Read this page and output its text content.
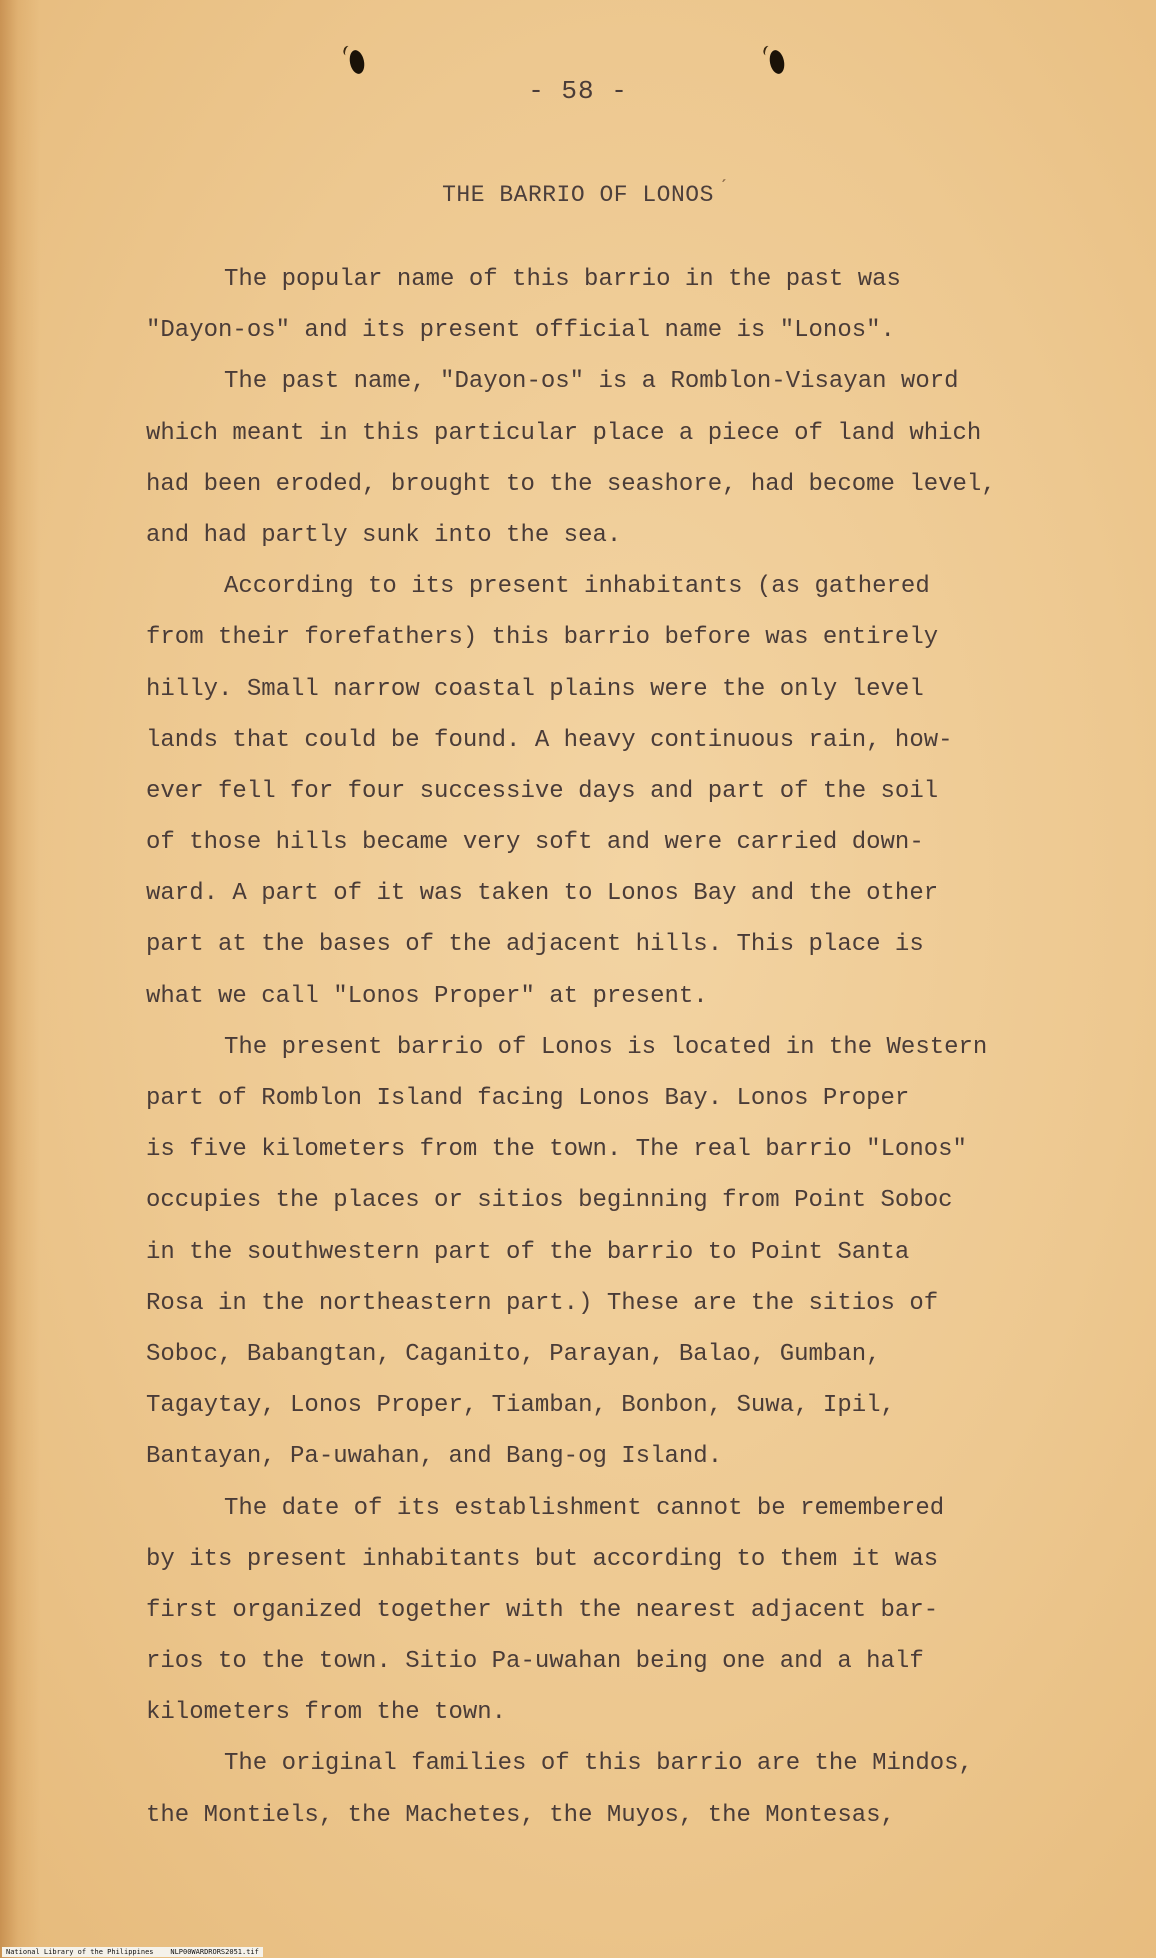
- 58 -
THE BARRIO OF LONOS
The popular name of this barrio in the past was
"Dayon-os" and its present official name is "Lonos".
The past name, "Dayon-os" is a Romblon-Visayan word
which meant in this particular place a piece of land which
had been eroded, brought to the seashore, had become level,
and had partly sunk into the sea.
According to its present inhabitants (as gathered
from their forefathers) this barrio before was entirely
hilly. Small narrow coastal plains were the only level
lands that could be found. A heavy continuous rain, how-
ever fell for four successive days and part of the soil
of those hills became very soft and were carried down-
ward. A part of it was taken to Lonos Bay and the other
part at the bases of the adjacent hills. This place is
what we call "Lonos Proper" at present.
The present barrio of Lonos is located in the Western
part of Romblon Island facing Lonos Bay. Lonos Proper
is five kilometers from the town. The real barrio "Lonos"
occupies the places or sitios beginning from Point Soboc
in the southwestern part of the barrio to Point Santa
Rosa in the northeastern part.) These are the sitios of
Soboc, Babangtan, Caganito, Parayan, Balao, Gumban,
Tagaytay, Lonos Proper, Tiamban, Bonbon, Suwa, Ipil,
Bantayan, Pa-uwahan, and Bang-og Island.
The date of its establishment cannot be remembered
by its present inhabitants but according to them it was
first organized together with the nearest adjacent bar-
rios to the town. Sitio Pa-uwahan being one and a half
kilometers from the town.
The original families of this barrio are the Mindos,
the Montiels, the Machetes, the Muyos, the Montesas,
ˊ
National Library of the Philippines    NLP00WARDRORS2051.tif
